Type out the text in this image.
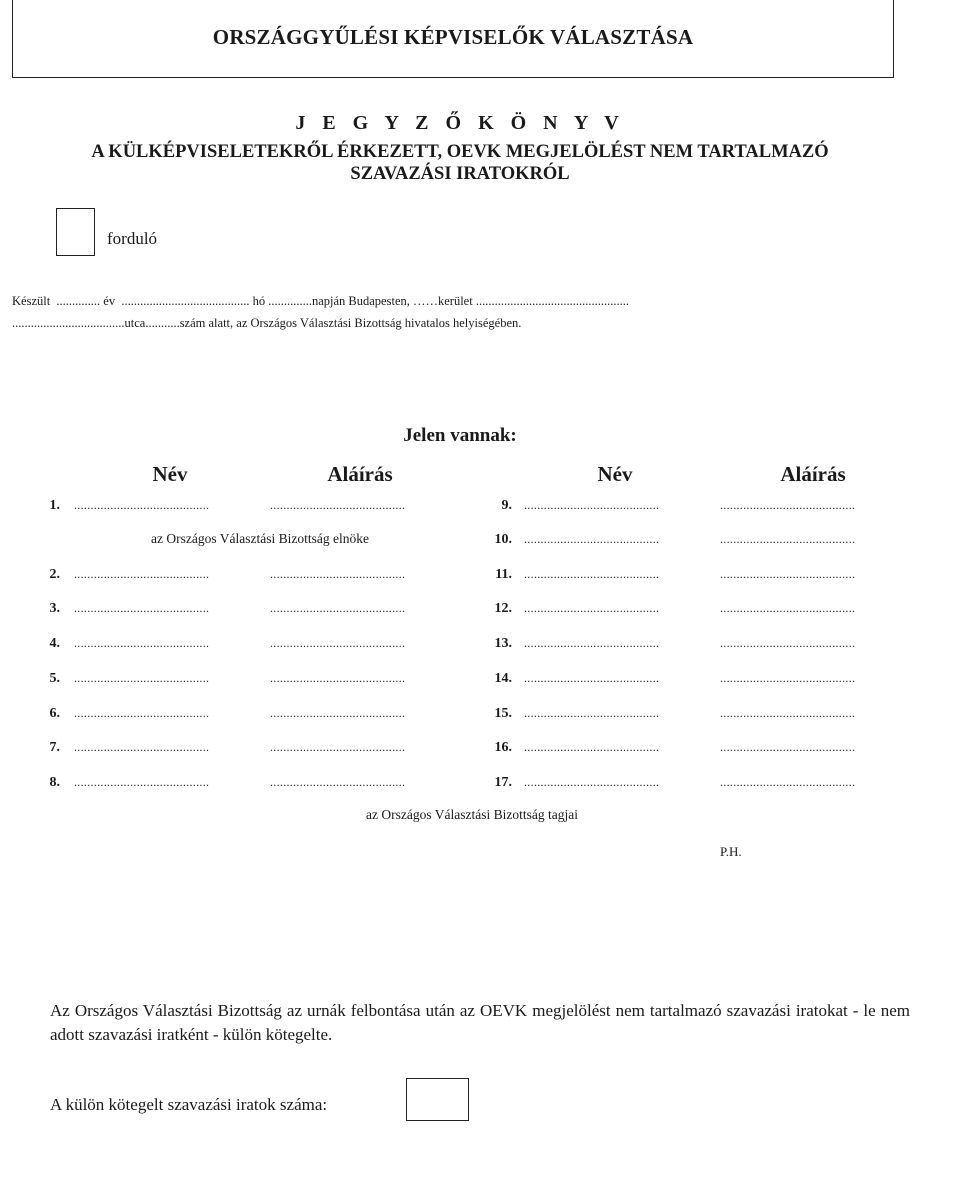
ORSZÁGGYŰLÉSI KÉPVISELŐK VÁLASZTÁSA
J E G Y Z Ő K Ö N Y V
A KÜLKÉPVISELETEKRŐL ÉRKEZETT, OEVK MEGJELÖLÉST NEM TARTALMAZÓ
SZAVAZÁSI IRATOKRÓL
forduló
Készült  .............. év  ......................................... hó ..............napján Budapesten, ……kerület .................................................
....................................utca...........szám alatt, az Országos Választási Bizottság hivatalos helyiségében.
Jelen vannak:
Név	Aláírás	Név	Aláírás
1. .........................................	.........................................
2. .........................................	.........................................
3. .........................................	.........................................
4. .........................................	.........................................
5. .........................................	.........................................
6. .........................................	.........................................
7. .........................................	.........................................
8. .........................................	.........................................
9. .........................................	.........................................
10. .........................................	.........................................
11. .........................................	.........................................
12. .........................................	.........................................
13. .........................................	.........................................
14. .........................................	.........................................
15. .........................................	.........................................
16. .........................................	.........................................
17. .........................................	.........................................
az Országos Választási Bizottság elnöke
az Országos Választási Bizottság tagjai
P.H.
Az Országos Választási Bizottság az urnák felbontása után az OEVK megjelölést nem tartalmazó szavazási iratokat - le nem adott szavazási iratként - külön kötegelte.
A külön kötegelt szavazási iratok száma:
